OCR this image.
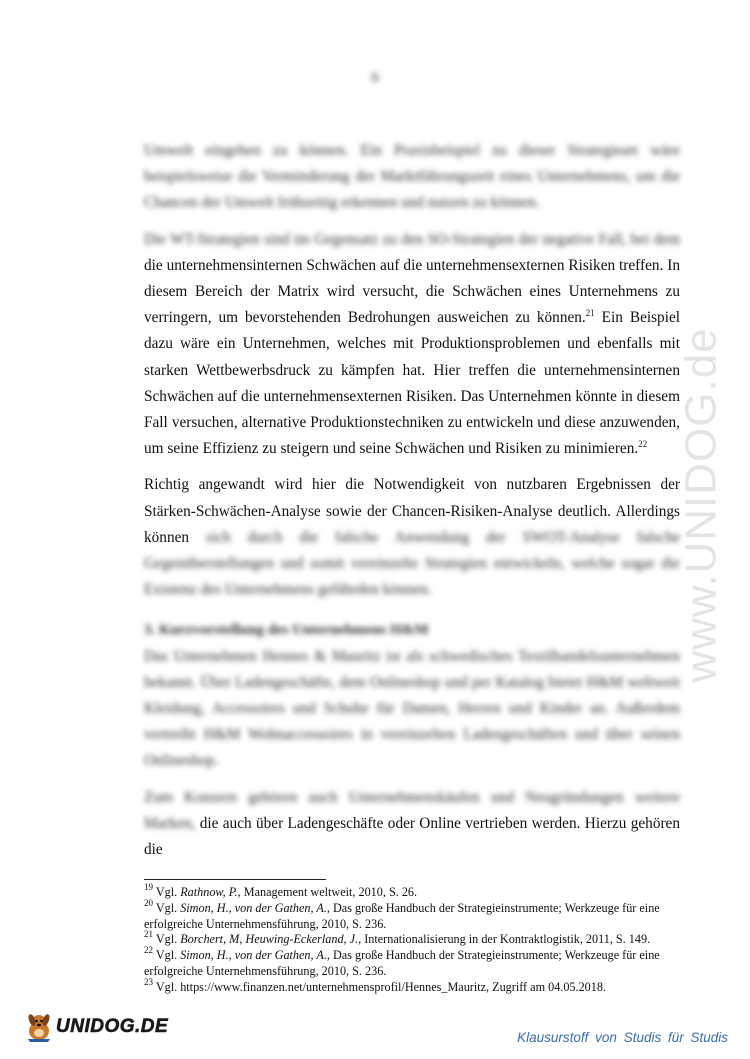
6

Umwelt eingehen zu können. Ein Praxisbeispiel zu dieser Strategieart wäre beispielsweise die Verminderung der Marktführungszeit eines Unternehmens, um die Chancen der Umwelt frühzeitig erkennen und nutzen zu können.

Die WT-Strategien sind im Gegensatz zu den SO-Strategien der negative Fall, bei dem die unternehmensinternen Schwächen auf die unternehmensexternen Risiken treffen. In diesem Bereich der Matrix wird versucht, die Schwächen eines Unternehmens zu verringern, um bevorstehenden Bedrohungen ausweichen zu können.$^{21}$ Ein Beispiel dazu wäre ein Unternehmen, welches mit Produktionsproblemen und ebenfalls mit starken Wettbewerbsdruck zu kämpfen hat. Hier treffen die unternehmensinternen Schwächen auf die unternehmensexternen Risiken. Das Unternehmen könnte in diesem Fall versuchen, alternative Produktionstechniken zu entwickeln und diese anzuwenden, um seine Effizienz zu steigern und seine Schwächen und Risiken zu minimieren.$^{22}$

Richtig angewandt wird hier die Notwendigkeit von nutzbaren Ergebnissen der Stärken-Schwächen-Analyse sowie der Chancen-Risiken-Analyse deutlich. Allerdings können sich durch die falsche Anwendung der SWOT-Analyse falsche Gegenüberstellungen und somit vereinzelte Strategien entwickeln, welche sogar die Existenz des Unternehmens gefährden können.

3. Kurzvorstellung des Unternehmens H&M

Das Unternehmen Hennes & Mauritz ist als schwedisches Textilhandelsunternehmen bekannt. Über Ladengeschäfte, dem Onlineshop und per Katalog bietet H&M weltweit Kleidung, Accessoires und Schuhe für Damen, Herren und Kinder an. Außerdem vertreibt H&M Wohnaccessoires in vereinzelten Ladengeschäften und über seinen Onlineshop.

Zum Konzern gehören auch Unternehmenskäufen und Neugründungen weitere Marken, die auch über Ladengeschäfte oder Online vertrieben werden. Hierzu gehören die

$^{19}$ Vgl. Rathnow, P., Management weltweit, 2010, S. 26.

$^{20}$ Vgl. Simon, H., von der Gathen, A., Das große Handbuch der Strategieinstrumente; Werkzeuge für eine erfolgreiche Unternehmensführung, 2010, S. 236.

$^{21}$ Vgl. Borchert, M, Heuwing-Eckerland, J., Internationalisierung in der Kontraktlogistik, 2011, S. 149.

$^{22}$ Vgl. Simon, H., von der Gathen, A., Das große Handbuch der Strategieinstrumente; Werkzeuge für eine erfolgreiche Unternehmensführung, 2010, S. 236.

$^{23}$ Vgl. https://www.finanzen.net/unternehmensprofil/Hennes_Mauritz, Zugriff am 04.05.2018.

www.UNIDOG.de
UNIDOG.DE
Klausurstoff von Studis für Studis
